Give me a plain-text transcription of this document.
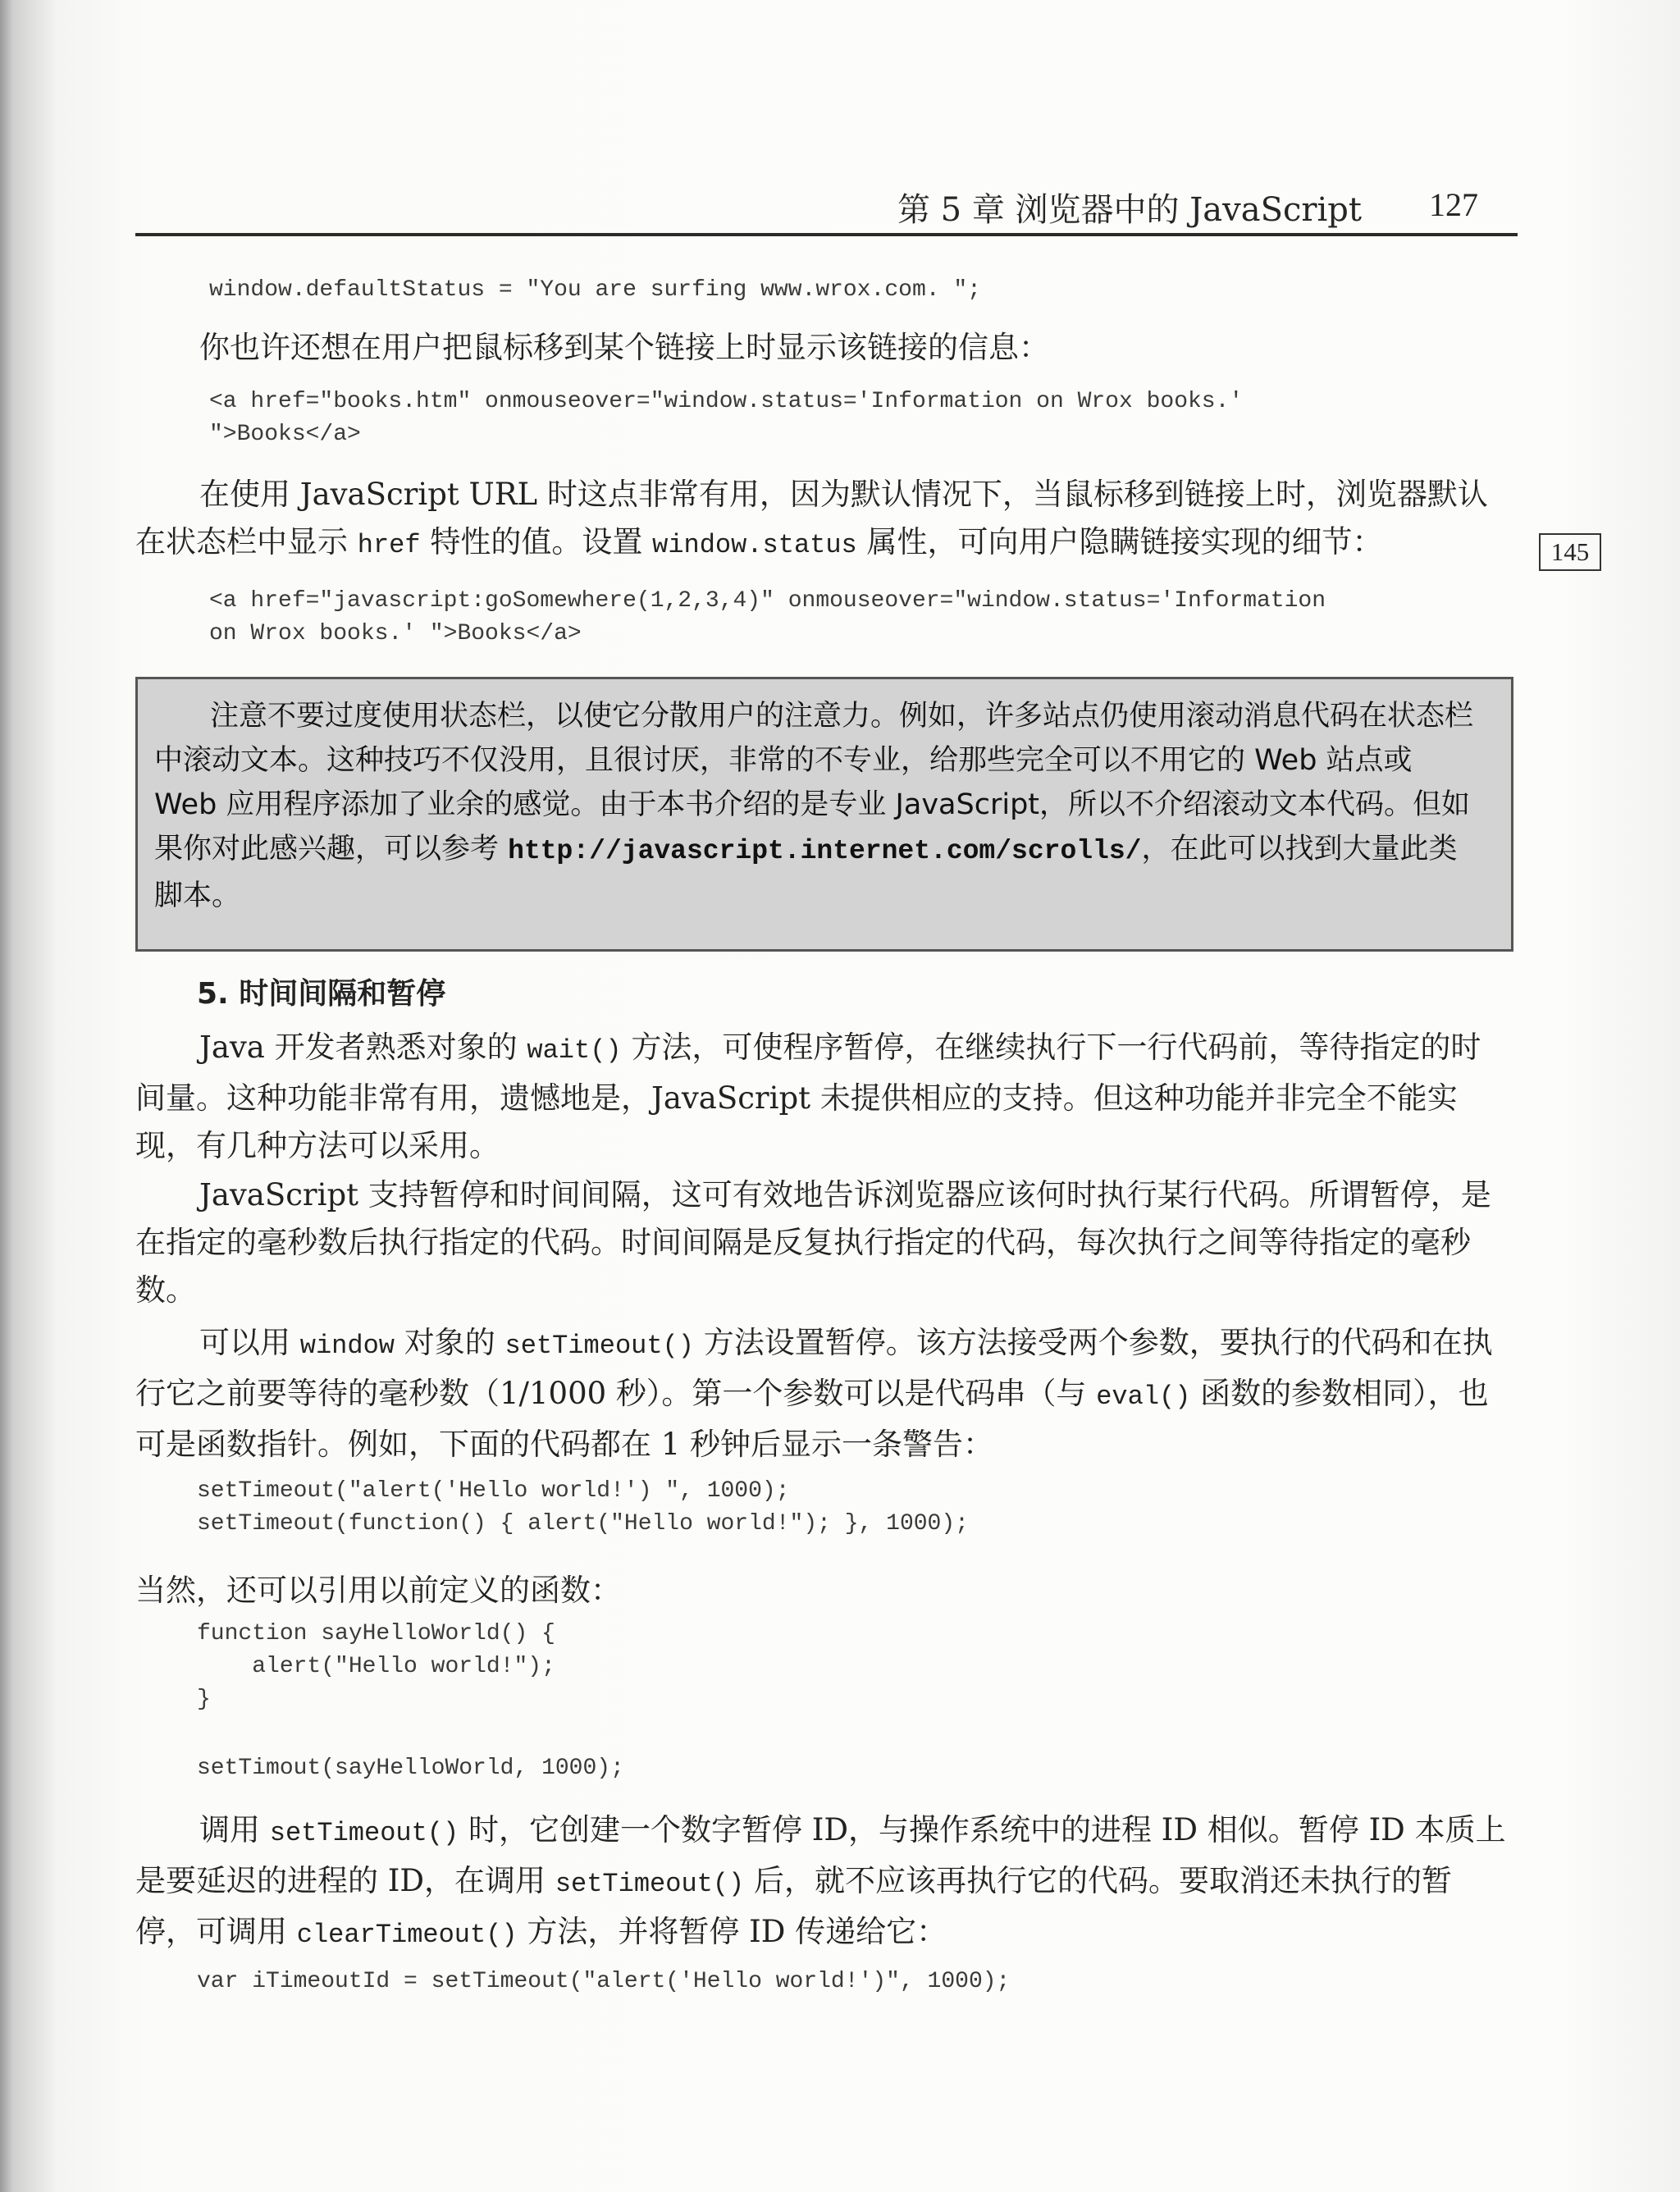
第 5 章 浏览器中的 JavaScript 127
145
window.defaultStatus = "You are surfing www.wrox.com. ";

你也许还想在用户把鼠标移到某个链接上时显示该链接的信息：

<a href="books.htm" onmouseover="window.status='Information on Wrox books.'
">Books</a>

在使用 JavaScript URL 时这点非常有用，因为默认情况下，当鼠标移到链接上时，浏览器默认在状态栏中显示 href 特性的值。设置 window.status 属性，可向用户隐瞒链接实现的细节：

<a href="javascript:goSomewhere(1,2,3,4)" onmouseover="window.status='Information
on Wrox books.' ">Books</a>

注意不要过度使用状态栏，以使它分散用户的注意力。例如，许多站点仍使用滚动消息代码在状态栏中滚动文本。这种技巧不仅没用，且很讨厌，非常的不专业，给那些完全可以不用它的 Web 站点或 Web 应用程序添加了业余的感觉。由于本书介绍的是专业 JavaScript，所以不介绍滚动文本代码。但如果你对此感兴趣，可以参考 http://javascript.internet.com/scrolls/，在此可以找到大量此类脚本。

5. 时间间隔和暂停

Java 开发者熟悉对象的 wait() 方法，可使程序暂停，在继续执行下一行代码前，等待指定的时间量。这种功能非常有用，遗憾地是，JavaScript 未提供相应的支持。但这种功能并非完全不能实现，有几种方法可以采用。

JavaScript 支持暂停和时间间隔，这可有效地告诉浏览器应该何时执行某行代码。所谓暂停，是在指定的毫秒数后执行指定的代码。时间间隔是反复执行指定的代码，每次执行之间等待指定的毫秒数。

可以用 window 对象的 setTimeout() 方法设置暂停。该方法接受两个参数，要执行的代码和在执行它之前要等待的毫秒数（1/1000 秒）。第一个参数可以是代码串（与 eval() 函数的参数相同），也可是函数指针。例如，下面的代码都在 1 秒钟后显示一条警告：

setTimeout("alert('Hello world!') ", 1000);
setTimeout(function() { alert("Hello world!"); }, 1000);

当然，还可以引用以前定义的函数：

function sayHelloWorld() {
alert("Hello world!");
}
setTimout(sayHelloWorld, 1000);

调用 setTimeout() 时，它创建一个数字暂停 ID，与操作系统中的进程 ID 相似。暂停 ID 本质上是要延迟的进程的 ID，在调用 setTimeout() 后，就不应该再执行它的代码。要取消还未执行的暂停，可调用 clearTimeout() 方法，并将暂停 ID 传递给它：

var iTimeoutId = setTimeout("alert('Hello world!')", 1000);
